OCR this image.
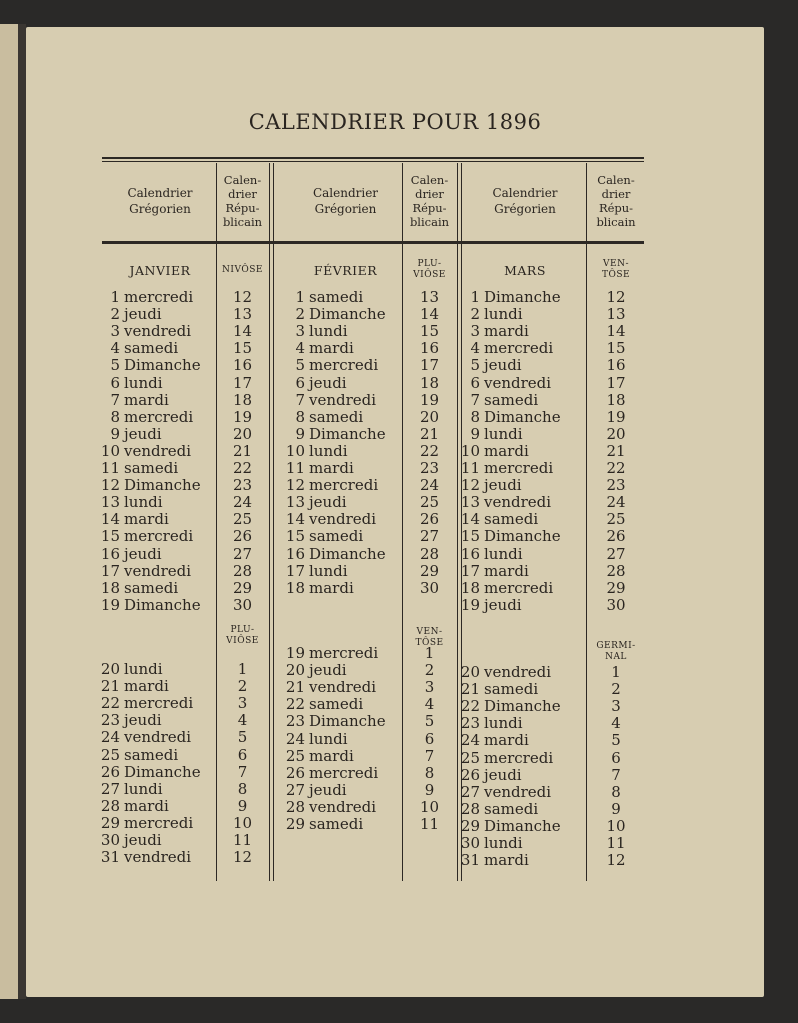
CALENDRIER POUR 1896
Calendrier
Grégorien
Calen-
drier
Répu-
blicain
JANVIER	NIVÔSE
1 mercredi	12
2 jeudi	13
3 vendredi	14
4 samedi	15
5 Dimanche	16
6 lundi	17
7 mardi	18
8 mercredi	19
9 jeudi	20
10 vendredi	21
11 samedi	22
12 Dimanche	23
13 lundi	24
14 mardi	25
15 mercredi	26
16 jeudi	27
17 vendredi	28
18 samedi	29
19 Dimanche	30
PLU-
VIÔSE
20 lundi	1
21 mardi	2
22 mercredi	3
23 jeudi	4
24 vendredi	5
25 samedi	6
26 Dimanche	7
27 lundi	8
28 mardi	9
29 mercredi	10
30 jeudi	11
31 vendredi	12
Calendrier
Grégorien
Calen-
drier
Répu-
blicain
FÉVRIER	PLU-
VIÔSE
1 samedi	13
2 Dimanche	14
3 lundi	15
4 mardi	16
5 mercredi	17
6 jeudi	18
7 vendredi	19
8 samedi	20
9 Dimanche	21
10 lundi	22
11 mardi	23
12 mercredi	24
13 jeudi	25
14 vendredi	26
15 samedi	27
16 Dimanche	28
17 lundi	29
18 mardi	30
VEN-
TÔSE
19 mercredi	1
20 jeudi	2
21 vendredi	3
22 samedi	4
23 Dimanche	5
24 lundi	6
25 mardi	7
26 mercredi	8
27 jeudi	9
28 vendredi	10
29 samedi	11
Calendrier
Grégorien
Calen-
drier
Répu-
blicain
MARS	VEN-
TÔSE
1 Dimanche	12
2 lundi	13
3 mardi	14
4 mercredi	15
5 jeudi	16
6 vendredi	17
7 samedi	18
8 Dimanche	19
9 lundi	20
10 mardi	21
11 mercredi	22
12 jeudi	23
13 vendredi	24
14 samedi	25
15 Dimanche	26
16 lundi	27
17 mardi	28
18 mercredi	29
19 jeudi	30
GERMI-
NAL
20 vendredi	1
21 samedi	2
22 Dimanche	3
23 lundi	4
24 mardi	5
25 mercredi	6
26 jeudi	7
27 vendredi	8
28 samedi	9
29 Dimanche	10
30 lundi	11
31 mardi	12
